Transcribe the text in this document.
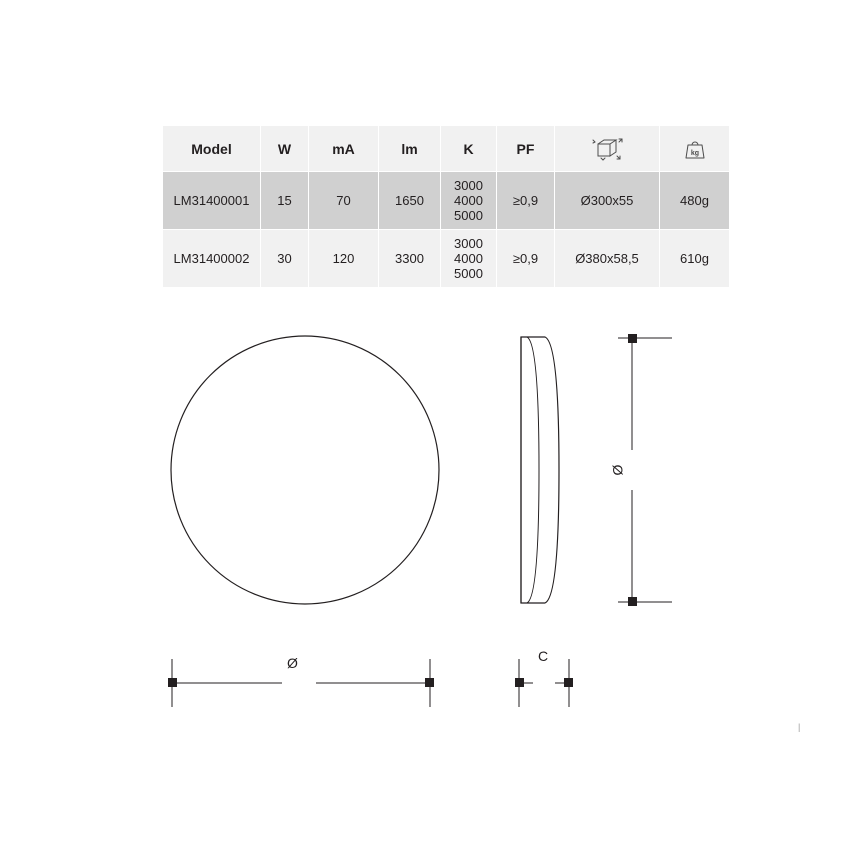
Model	W	mA	lm	K	PF		kg

LM31400001	15	70	1650	3000
4000
5000	≥0,9	Ø300x55	480g
LM31400002	30	120	3300	3000
4000
5000	≥0,9	Ø380x58,5	610g
Ø
Ø	C
|
